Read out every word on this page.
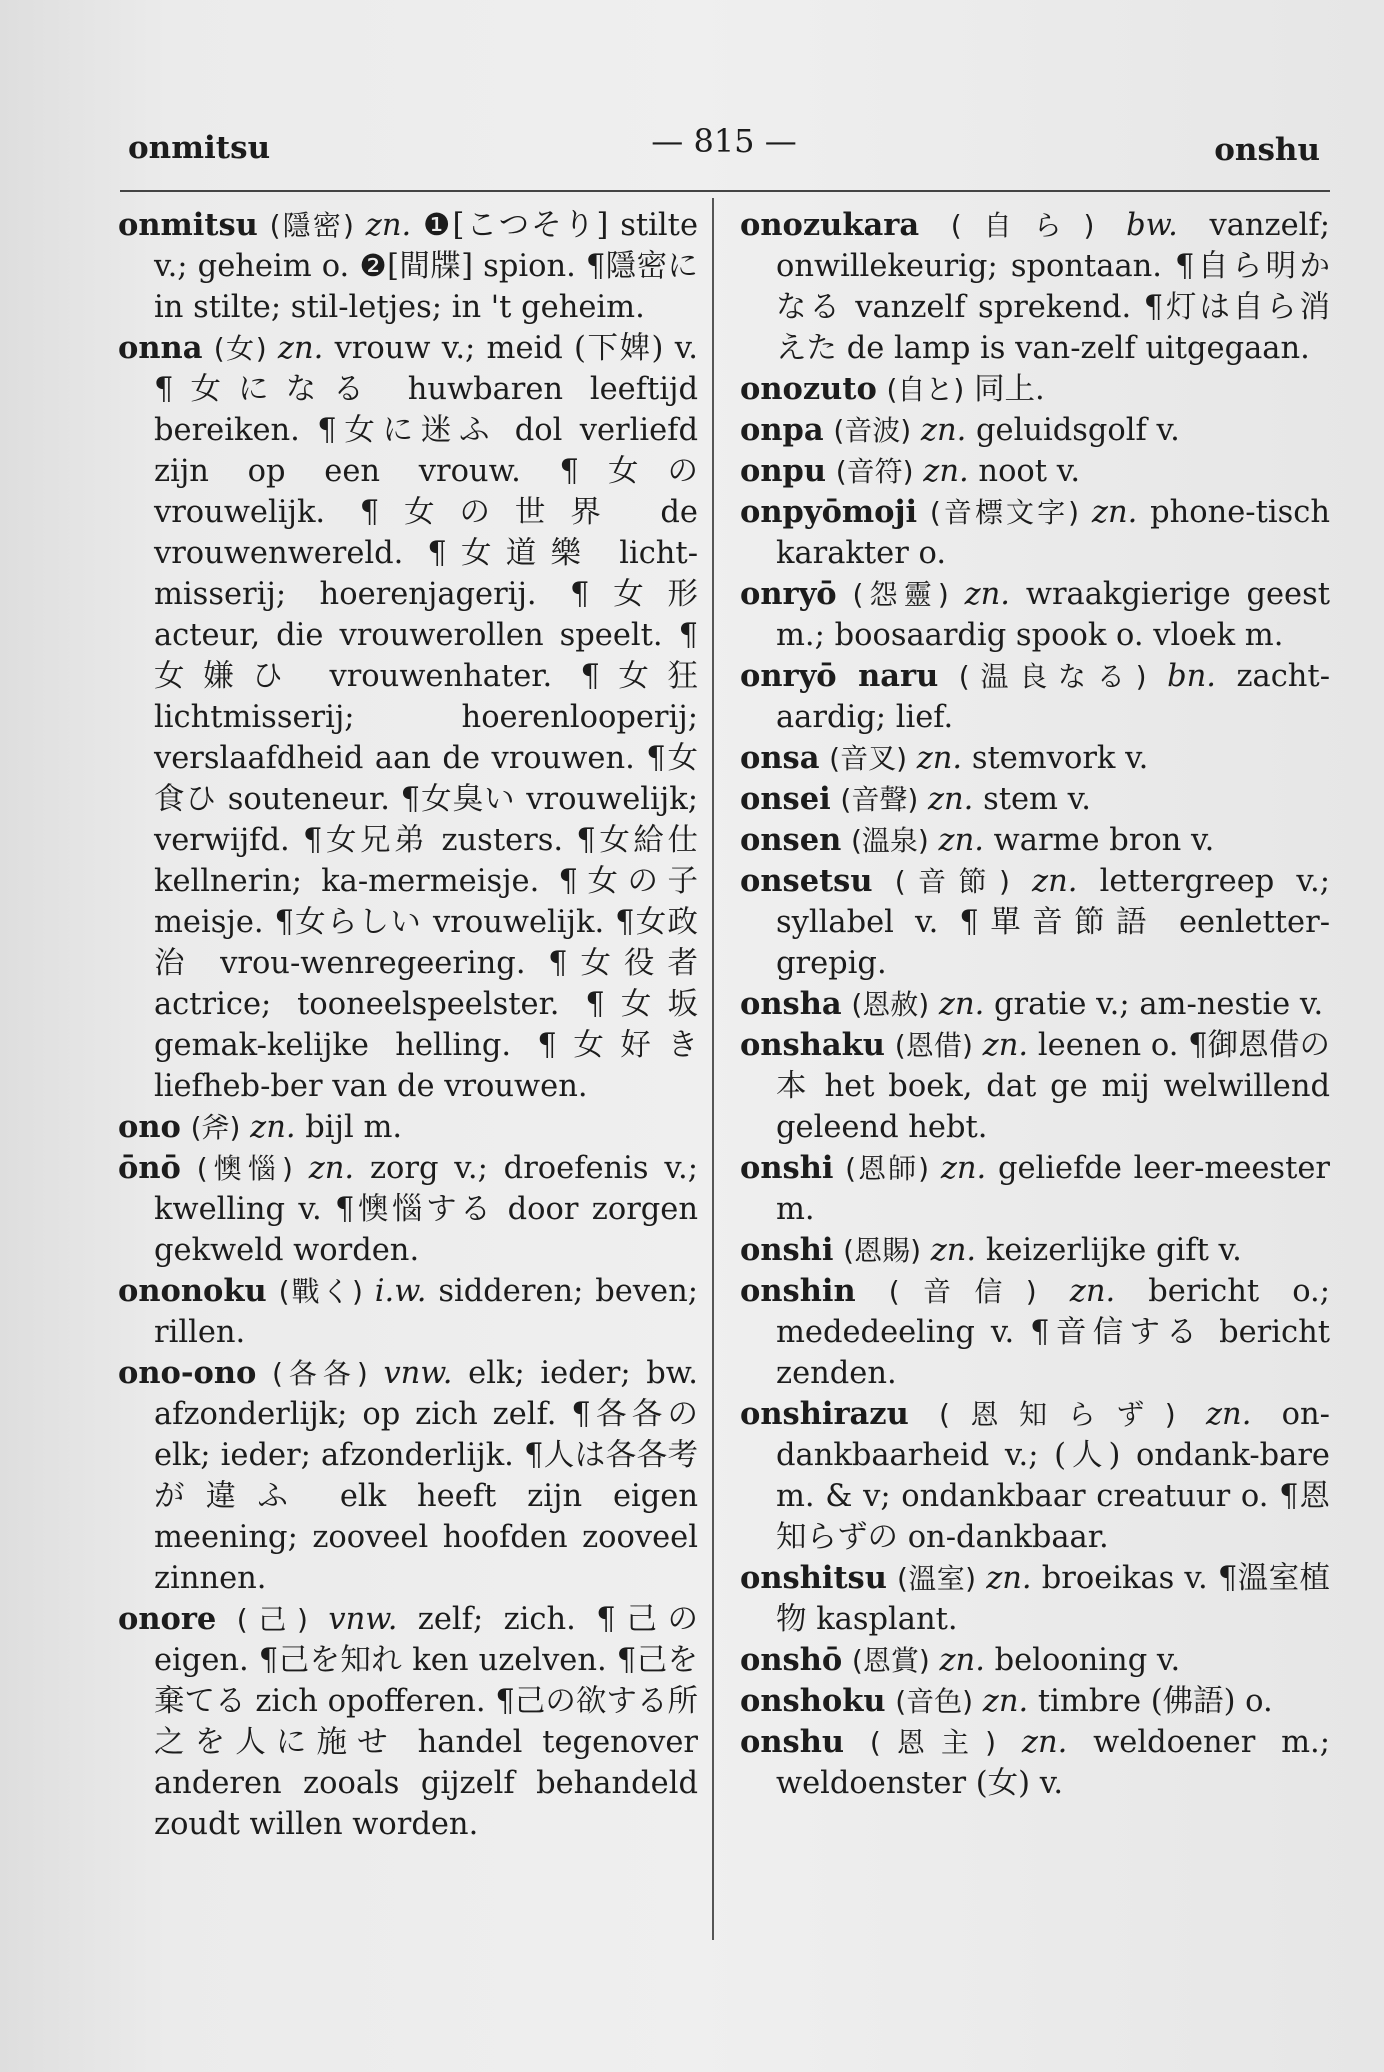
onmitsu	— 815 —	onshu
onmitsu (隱密) zn. ❶[こつそり] stilte v.; geheim o. ❷[間牒] spion. ¶隱密に in stilte; stil-letjes; in 't geheim.
onna (女) zn. vrouw v.; meid (下婢) v. ¶女になる huwbaren leeftijd bereiken. ¶女に迷ふ dol verliefd zijn op een vrouw. ¶女の vrouwelijk. ¶女の世界 de vrouwenwereld. ¶女道樂 licht-misserij; hoerenjagerij. ¶女形 acteur, die vrouwerollen speelt. ¶女嫌ひ vrouwenhater. ¶女狂 lichtmisserij; hoerenlooperij; verslaafdheid aan de vrouwen. ¶女食ひ souteneur. ¶女臭い vrouwelijk; verwijfd. ¶女兄弟 zusters. ¶女給仕 kellnerin; ka-mermeisje. ¶女の子 meisje. ¶女らしい vrouwelijk. ¶女政治 vrou-wenregeering. ¶女役者 actrice; tooneelspeelster. ¶女坂 gemak-kelijke helling. ¶女好き liefheb-ber van de vrouwen.
ono (斧) zn. bijl m.
ōnō (懊惱) zn. zorg v.; droefenis v.; kwelling v. ¶懊惱する door zorgen gekweld worden.
ononoku (戰く) i.w. sidderen; beven; rillen.
ono-ono (各各) vnw. elk; ieder; bw. afzonderlijk; op zich zelf. ¶各各の elk; ieder; afzonderlijk. ¶人は各各考が違ふ elk heeft zijn eigen meening; zooveel hoofden zooveel zinnen.
onore (己) vnw. zelf; zich. ¶己の eigen. ¶己を知れ ken uzelven. ¶己を棄てる zich opofferen. ¶己の欲する所之を人に施せ handel tegenover anderen zooals gijzelf behandeld zoudt willen worden.
onozukara (自ら) bw. vanzelf; onwillekeurig; spontaan. ¶自ら明かなる vanzelf sprekend. ¶灯は自ら消えた de lamp is van-zelf uitgegaan.
onozuto (自と) 同上.
onpa (音波) zn. geluidsgolf v.
onpu (音符) zn. noot v.
onpyōmoji (音標文字) zn. phone-tisch karakter o.
onryō (怨靈) zn. wraakgierige geest m.; boosaardig spook o. vloek m.
onryō naru (温良なる) bn. zacht-aardig; lief.
onsa (音叉) zn. stemvork v.
onsei (音聲) zn. stem v.
onsen (溫泉) zn. warme bron v.
onsetsu (音節) zn. lettergreep v.; syllabel v. ¶單音節語 eenletter-grepig.
onsha (恩赦) zn. gratie v.; am-nestie v.
onshaku (恩借) zn. leenen o. ¶御恩借の本 het boek, dat ge mij welwillend geleend hebt.
onshi (恩師) zn. geliefde leer-meester m.
onshi (恩賜) zn. keizerlijke gift v.
onshin (音信) zn. bericht o.; mededeeling v. ¶音信する bericht zenden.
onshirazu (恩知らず) zn. on-dankbaarheid v.; (人) ondank-bare m. & v; ondankbaar creatuur o. ¶恩知らずの on-dankbaar.
onshitsu (溫室) zn. broeikas v. ¶溫室植物 kasplant.
onshō (恩賞) zn. belooning v.
onshoku (音色) zn. timbre (佛語) o.
onshu (恩主) zn. weldoener m.; weldoenster (女) v.
